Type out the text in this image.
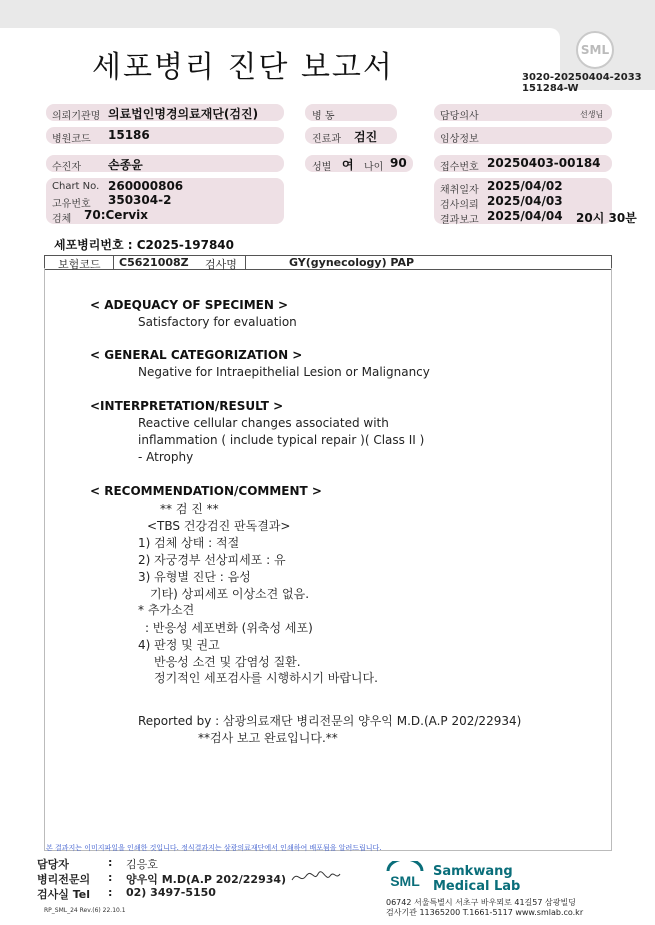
세포병리 진단 보고서	SML
3020-20250404-2033
151284-W
의뢰기관명 의료법인명경의료재단(검진)	병 동	담당의사	선생님
병원코드 15186	진료과 검진	임상정보
수진자 손종윤	성별 여 나이 90	접수번호 20250403-00184
Chart No. 260000806
고유번호 350304-2
검체 70:Cervix
채취일자 2025/04/02
검사의뢰 2025/04/03
결과보고 2025/04/04 20시 30분
세포병리번호 : C2025-197840
보험코드 C5621008Z 검사명	GY(gynecology) PAP
< ADEQUACY OF SPECIMEN >
Satisfactory for evaluation
< GENERAL CATEGORIZATION >
Negative for Intraepithelial Lesion or Malignancy
<INTERPRETATION/RESULT >
Reactive cellular changes associated with
inflammation ( include typical repair )( Class II )
- Atrophy
< RECOMMENDATION/COMMENT >
** 검 진 **
<TBS 건강검진 판독결과>
1) 검체 상태 : 적절
2) 자궁경부 선상피세포 : 유
3) 유형별 진단 : 음성
기타) 상피세포 이상소견 없음.
* 추가소견
: 반응성 세포변화 (위축성 세포)
4) 판정 및 권고
반응성 소견 및 감염성 질환.
정기적인 세포검사를 시행하시기 바랍니다.
Reported by : 삼광의료재단 병리전문의 양우익 M.D.(A.P 202/22934)
**검사 보고 완료입니다.**
본 결과지는 이미지파일을 인쇄한 것입니다. 정식결과지는 삼광의료재단에서 인쇄하여 배포됨을 알려드립니다.
담당자	: 김응호
병리전문의 : 양우익 M.D(A.P 202/22934)
검사실 Tel : 02) 3497-5150
RP_SML_24 Rev.(6) 22.10.1
SML
Samkwang
Medical Lab
06742 서울특별시 서초구 바우뫼로 41길57 삼광빌딩
검사기관 11365200 T.1661-5117 www.smlab.co.kr
